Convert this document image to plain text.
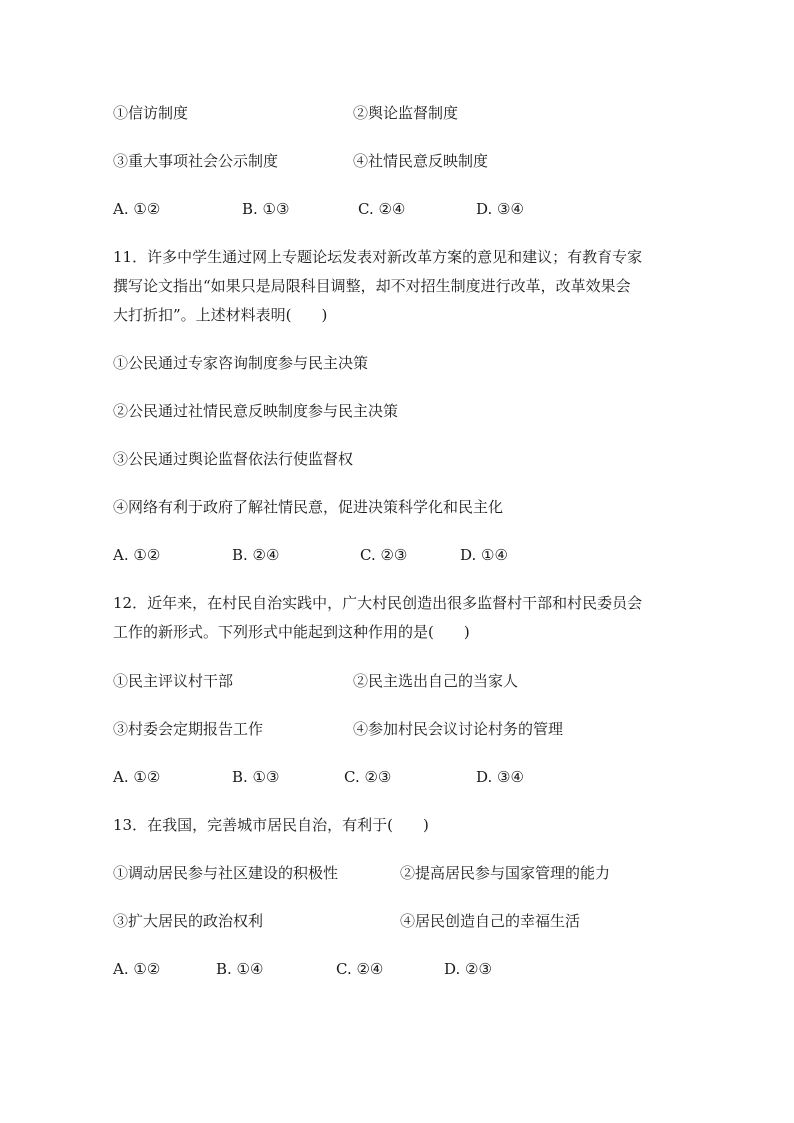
①信访制度	②舆论监督制度
③重大事项社会公示制度	④社情民意反映制度
A. ①②	B. ①③	C. ②④	D. ③④
11．许多中学生通过网上专题论坛发表对新改革方案的意见和建议；有教育专家
撰写论文指出“如果只是局限科目调整，却不对招生制度进行改革，改革效果会
大打折扣”。上述材料表明(　　)
①公民通过专家咨询制度参与民主决策
②公民通过社情民意反映制度参与民主决策
③公民通过舆论监督依法行使监督权
④网络有利于政府了解社情民意，促进决策科学化和民主化
A. ①②	B. ②④	C. ②③	D. ①④
12．近年来，在村民自治实践中，广大村民创造出很多监督村干部和村民委员会
工作的新形式。下列形式中能起到这种作用的是(　　)
①民主评议村干部	②民主选出自己的当家人
③村委会定期报告工作	④参加村民会议讨论村务的管理
A. ①②	B. ①③	C. ②③	D. ③④
13．在我国，完善城市居民自治，有利于(　　)
①调动居民参与社区建设的积极性	②提高居民参与国家管理的能力
③扩大居民的政治权利	④居民创造自己的幸福生活
A. ①②	B. ①④	C. ②④	D. ②③
